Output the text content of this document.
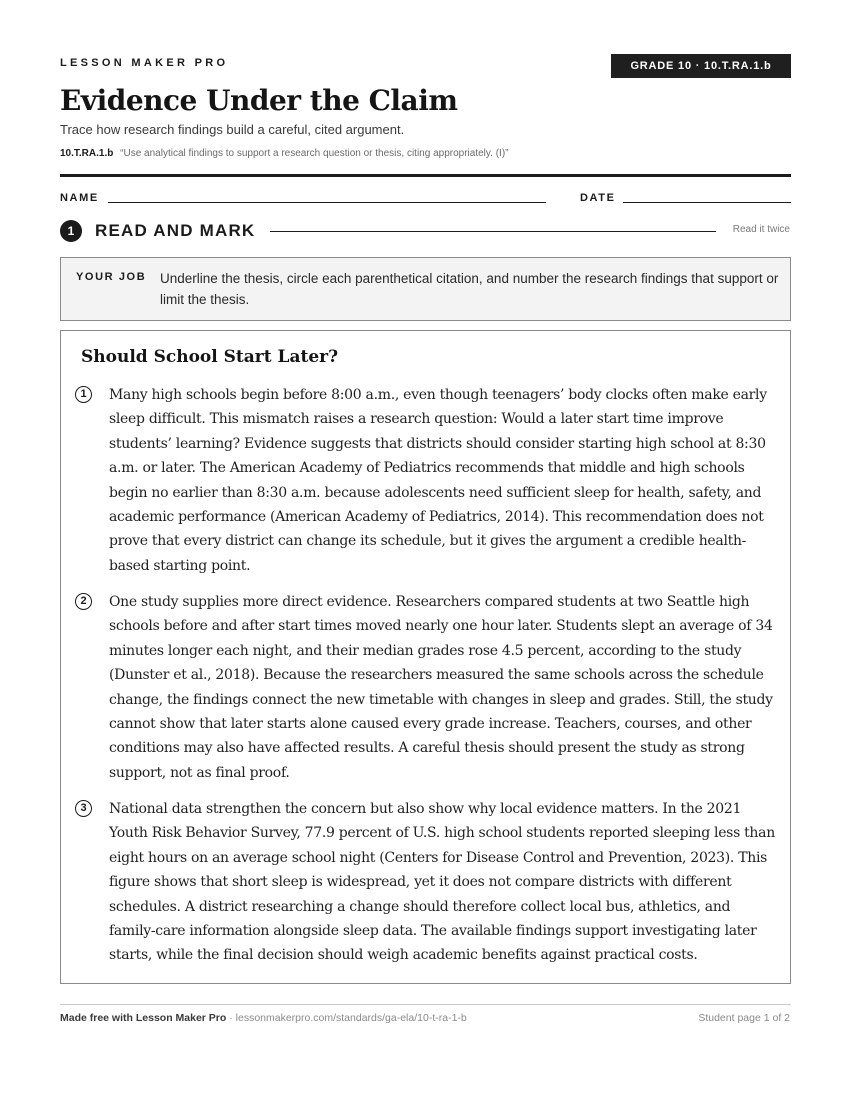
LESSON MAKER PRO	GRADE 10 · 10.T.RA.1.b
Evidence Under the Claim
Trace how research findings build a careful, cited argument.
10.T.RA.1.b “Use analytical findings to support a research question or thesis, citing appropriately. (I)”
NAME	DATE
1	READ AND MARK	Read it twice
YOUR JOB Underline the thesis, circle each parenthetical citation, and number the research findings that support or limit the thesis.
Should School Start Later?
1	Many high schools begin before 8:00 a.m., even though teenagers’ body clocks often make early sleep difficult. This mismatch raises a research question: Would a later start time improve students’ learning? Evidence suggests that districts should consider starting high school at 8:30 a.m. or later. The American Academy of Pediatrics recommends that middle and high schools begin no earlier than 8:30 a.m. because adolescents need sufficient sleep for health, safety, and academic performance (American Academy of Pediatrics, 2014). This recommendation does not prove that every district can change its schedule, but it gives the argument a credible health-based starting point.

2	One study supplies more direct evidence. Researchers compared students at two Seattle high schools before and after start times moved nearly one hour later. Students slept an average of 34 minutes longer each night, and their median grades rose 4.5 percent, according to the study (Dunster et al., 2018). Because the researchers measured the same schools across the schedule change, the findings connect the new timetable with changes in sleep and grades. Still, the study cannot show that later starts alone caused every grade increase. Teachers, courses, and other conditions may also have affected results. A careful thesis should present the study as strong support, not as final proof.

3	National data strengthen the concern but also show why local evidence matters. In the 2021 Youth Risk Behavior Survey, 77.9 percent of U.S. high school students reported sleeping less than eight hours on an average school night (Centers for Disease Control and Prevention, 2023). This figure shows that short sleep is widespread, yet it does not compare districts with different schedules. A district researching a change should therefore collect local bus, athletics, and family-care information alongside sleep data. The available findings support investigating later starts, while the final decision should weigh academic benefits against practical costs.

Made free with Lesson Maker Pro · lessonmakerpro.com/standards/ga-ela/10-t-ra-1-b	Student page 1 of 2
